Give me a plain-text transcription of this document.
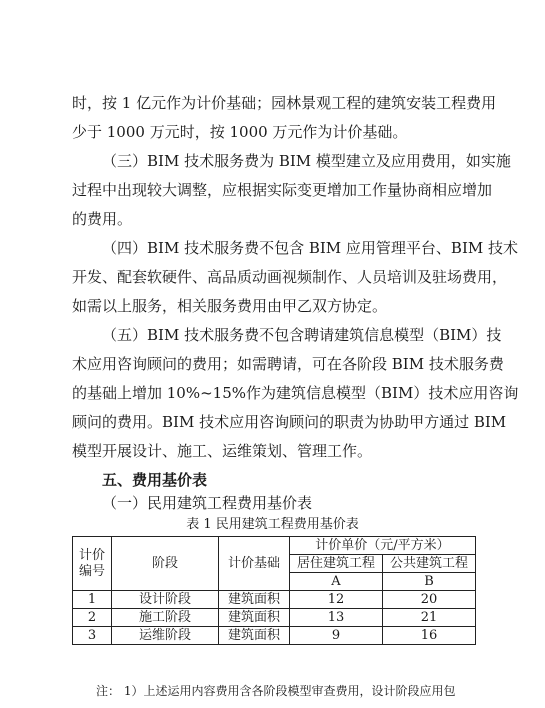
时，按 1 亿元作为计价基础；园林景观工程的建筑安装工程费用
少于 1000 万元时，按 1000 万元作为计价基础。
（三）BIM 技术服务费为 BIM 模型建立及应用费用，如实施
过程中出现较大调整，应根据实际变更增加工作量协商相应增加
的费用。
（四）BIM 技术服务费不包含 BIM 应用管理平台、BIM 技术
开发、配套软硬件、高品质动画视频制作、人员培训及驻场费用，
如需以上服务，相关服务费用由甲乙双方协定。
（五）BIM 技术服务费不包含聘请建筑信息模型（BIM）技
术应用咨询顾问的费用；如需聘请，可在各阶段 BIM 技术服务费
的基础上增加 10%~15%作为建筑信息模型（BIM）技术应用咨询
顾问的费用。BIM 技术应用咨询顾问的职责为协助甲方通过 BIM
模型开展设计、施工、运维策划、管理工作。
五、费用基价表
（一）民用建筑工程费用基价表
表 1 民用建筑工程费用基价表
计价编号	阶段	计价基础	计价单价（元/平方米）	
			居住建筑工程	公共建筑工程
			A	B
1	设计阶段	建筑面积	12	20
2	施工阶段	建筑面积	13	21
3	运维阶段	建筑面积	9	16
注： 1）上述运用内容费用含各阶段模型审查费用，设计阶段应用包
